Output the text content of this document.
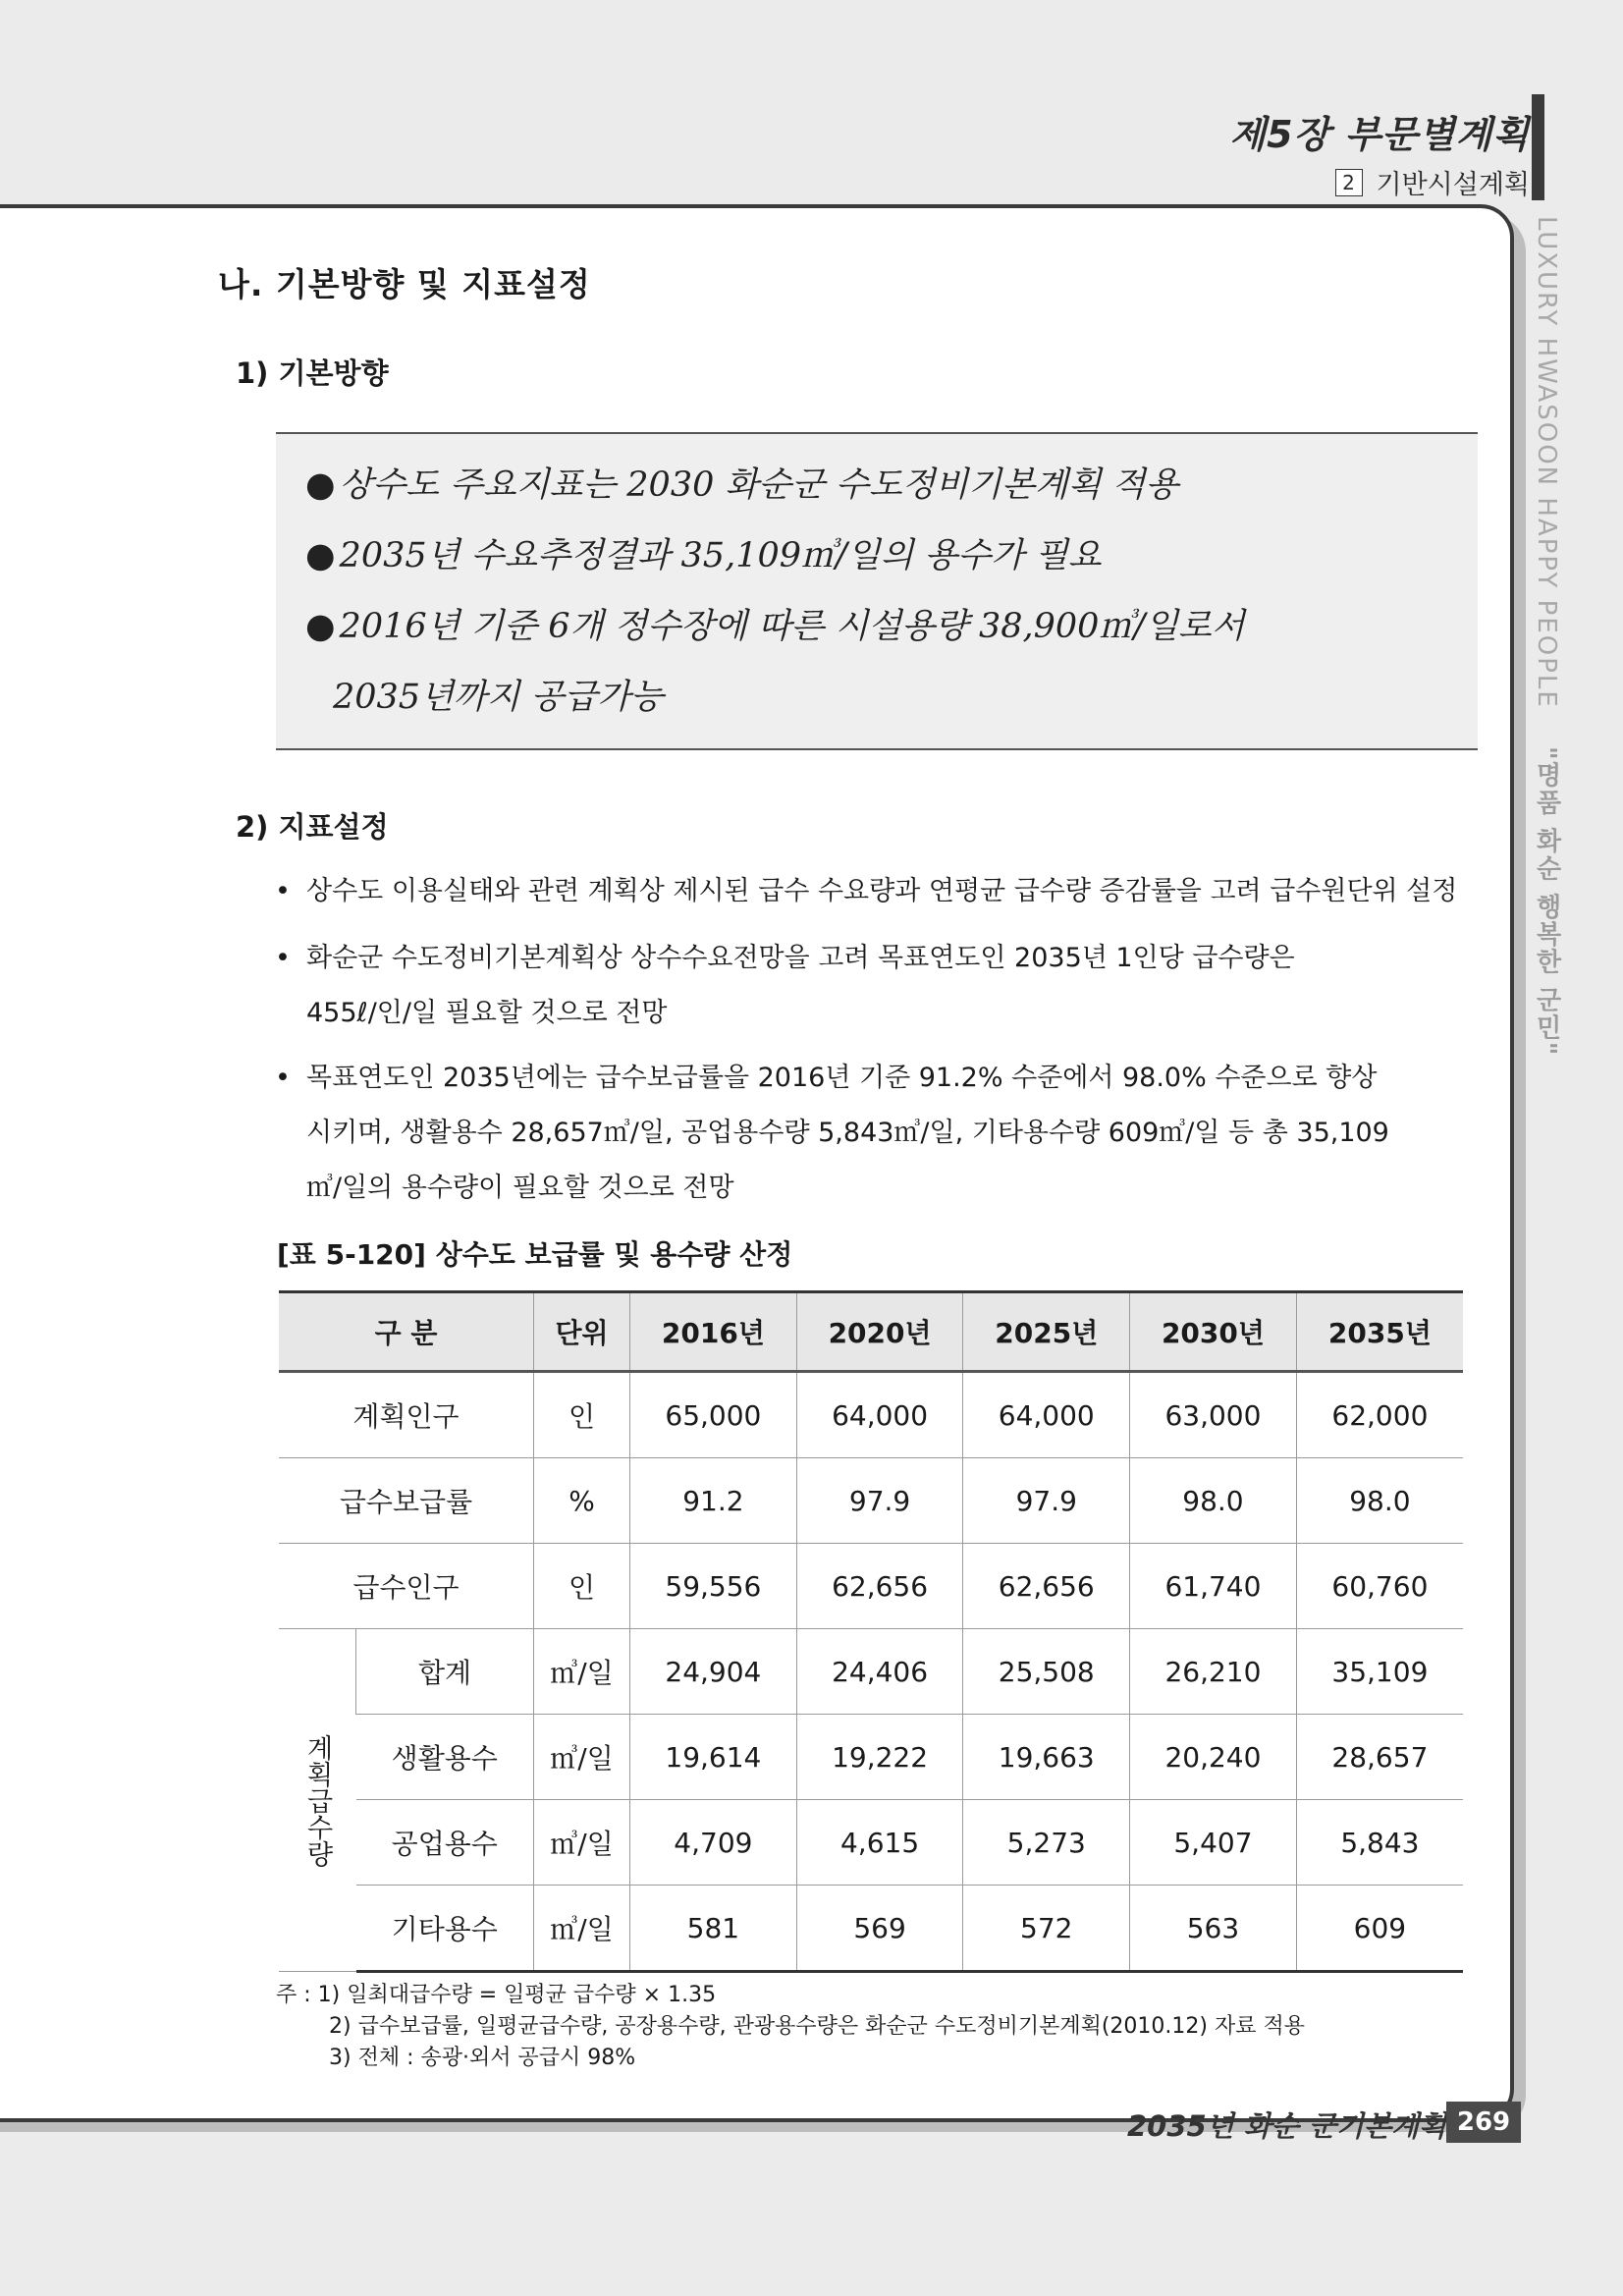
제5장 부문별계획
2 기반시설계획
LUXURY HWASOON HAPPY PEOPLE "명품 화순 행복한 군민"
나. 기본방향 및 지표설정
1) 기본방향
● 상수도 주요지표는 2030 화순군 수도정비기본계획 적용
● 2035년 수요추정결과 35,109㎥/일의 용수가 필요
● 2016년 기준 6개 정수장에 따른 시설용량 38,900㎥/일로서
2035년까지 공급가능
2) 지표설정
• 상수도 이용실태와 관련 계획상 제시된 급수 수요량과 연평균 급수량 증감률을 고려 급수원단위 설정
• 화순군 수도정비기본계획상 상수수요전망을 고려 목표연도인 2035년 1인당 급수량은
455ℓ/인/일 필요할 것으로 전망
• 목표연도인 2035년에는 급수보급률을 2016년 기준 91.2% 수준에서 98.0% 수준으로 향상
시키며, 생활용수 28,657㎥/일, 공업용수량 5,843㎥/일, 기타용수량 609㎥/일 등 총 35,109
㎥/일의 용수량이 필요할 것으로 전망
[표 5-120] 상수도 보급률 및 용수량 산정
구 분		단위	2016년	2020년	2025년	2030년	2035년
계획인구		인	65,000	64,000	64,000	63,000	62,000
급수보급률		%	91.2	97.9	97.9	98.0	98.0
급수인구		인	59,556	62,656	62,656	61,740	60,760
계획급수량	합계	㎥/일	24,904	24,406	25,508	26,210	35,109
	생활용수	㎥/일	19,614	19,222	19,663	20,240	28,657
	공업용수	㎥/일	4,709	4,615	5,273	5,407	5,843
	기타용수	㎥/일	581	569	572	563	609
주 : 1) 일최대급수량 = 일평균 급수량 × 1.35
2) 급수보급률, 일평균급수량, 공장용수량, 관광용수량은 화순군 수도정비기본계획(2010.12) 자료 적용
3) 전체 : 송광·외서 공급시 98%
2035년 화순 군기본계획 269
